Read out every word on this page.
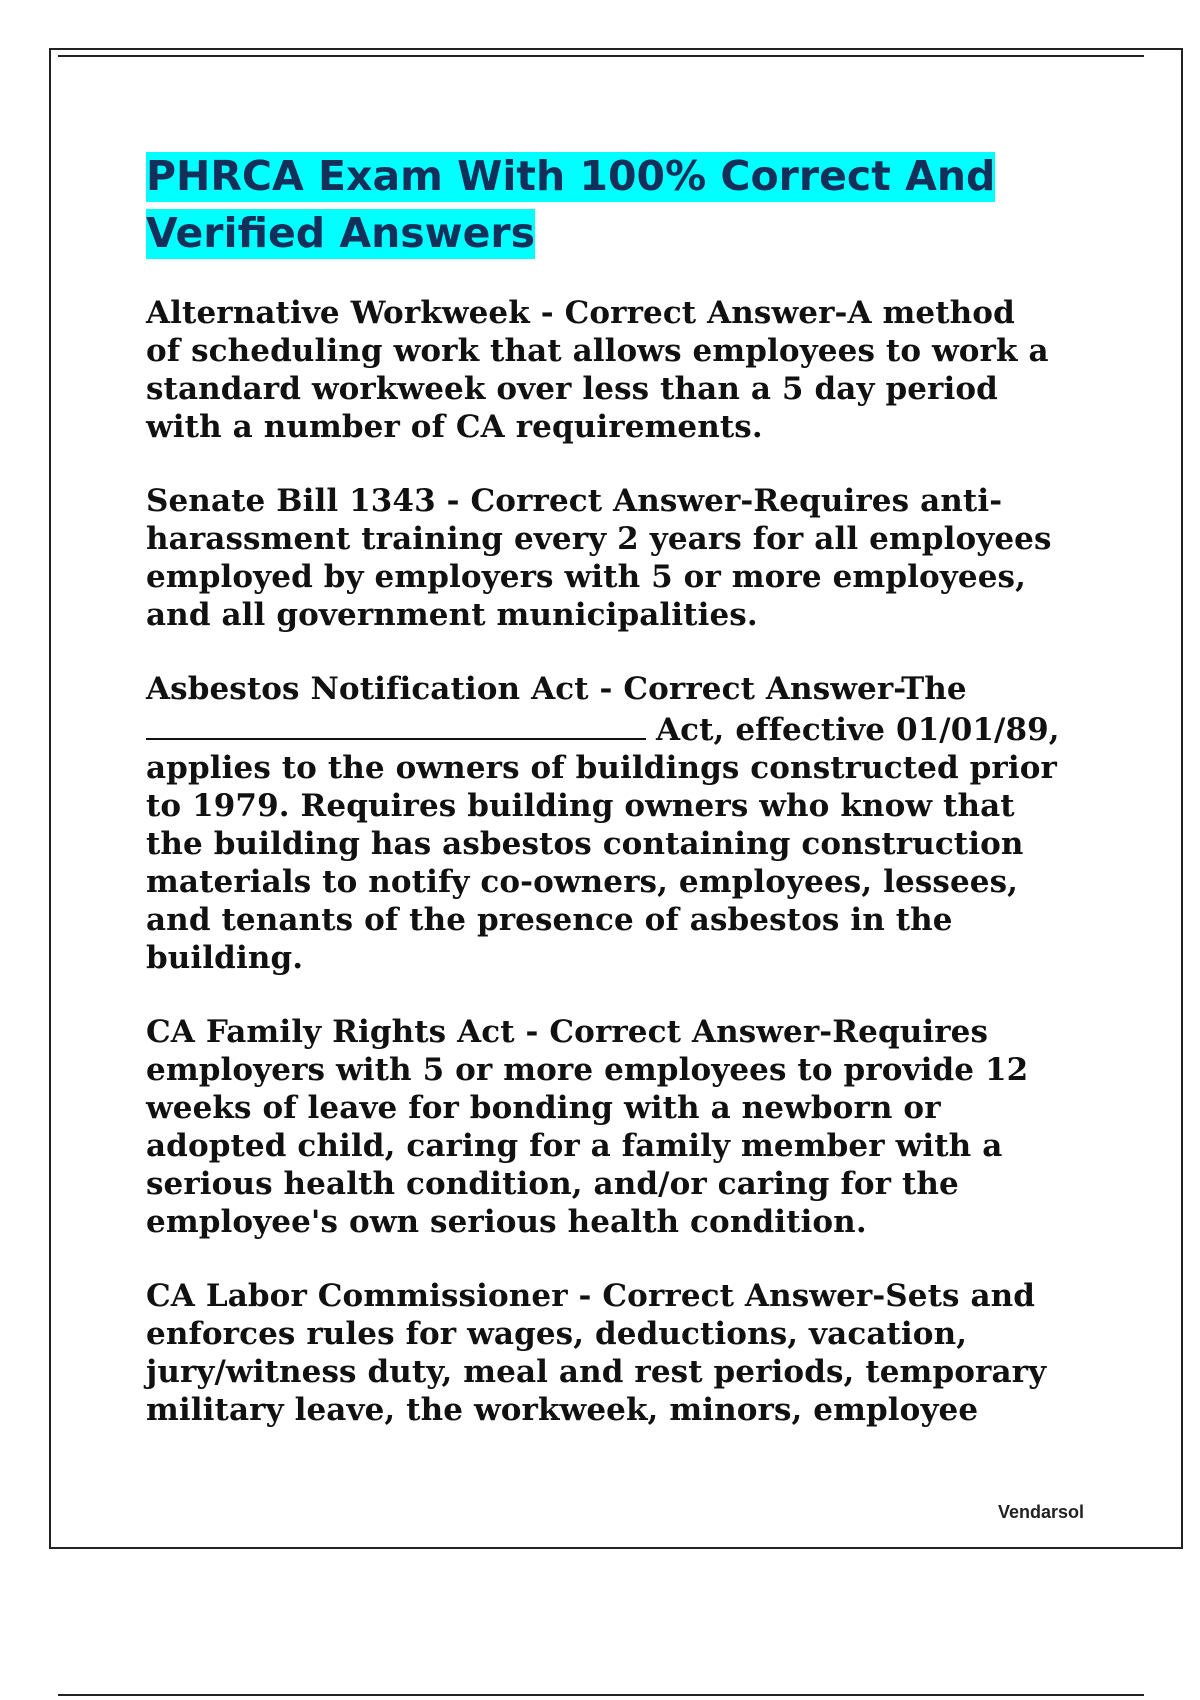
PHRCA Exam With 100% Correct And
Verified Answers

Alternative Workweek - Correct Answer-A method
of scheduling work that allows employees to work a
standard workweek over less than a 5 day period
with a number of CA requirements.

Senate Bill 1343 - Correct Answer-Requires anti-
harassment training every 2 years for all employees
employed by employers with 5 or more employees,
and all government municipalities.

Asbestos Notification Act - Correct Answer-The
Act, effective 01/01/89,
applies to the owners of buildings constructed prior
to 1979. Requires building owners who know that
the building has asbestos containing construction
materials to notify co-owners, employees, lessees,
and tenants of the presence of asbestos in the
building.

CA Family Rights Act - Correct Answer-Requires
employers with 5 or more employees to provide 12
weeks of leave for bonding with a newborn or
adopted child, caring for a family member with a
serious health condition, and/or caring for the
employee's own serious health condition.

CA Labor Commissioner - Correct Answer-Sets and
enforces rules for wages, deductions, vacation,
jury/witness duty, meal and rest periods, temporary
military leave, the workweek, minors, employee

Vendarsol
